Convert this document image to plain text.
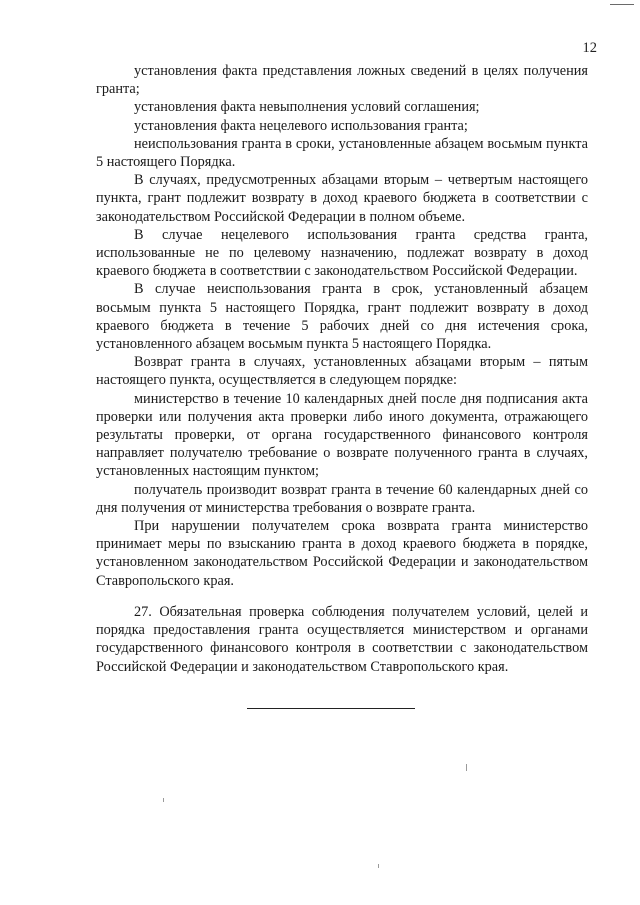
12

установления факта представления ложных сведений в целях получения гранта;

установления факта невыполнения условий соглашения;

установления факта нецелевого использования гранта;

неиспользования гранта в сроки, установленные абзацем восьмым пункта 5 настоящего Порядка.

В случаях, предусмотренных абзацами вторым – четвертым настоящего пункта, грант подлежит возврату в доход краевого бюджета в соответствии с законодательством Российской Федерации в полном объеме.

В случае нецелевого использования гранта средства гранта, использованные не по целевому назначению, подлежат возврату в доход краевого бюджета в соответствии с законодательством Российской Федерации.

В случае неиспользования гранта в срок, установленный абзацем восьмым пункта 5 настоящего Порядка, грант подлежит возврату в доход краевого бюджета в течение 5 рабочих дней со дня истечения срока, установленного абзацем восьмым пункта 5 настоящего Порядка.

Возврат гранта в случаях, установленных абзацами вторым – пятым настоящего пункта, осуществляется в следующем порядке:

министерство в течение 10 календарных дней после дня подписания акта проверки или получения акта проверки либо иного документа, отражающего результаты проверки, от органа государственного финансового контроля направляет получателю требование о возврате полученного гранта в случаях, установленных настоящим пунктом;

получатель производит возврат гранта в течение 60 календарных дней со дня получения от министерства требования о возврате гранта.

При нарушении получателем срока возврата гранта министерство принимает меры по взысканию гранта в доход краевого бюджета в порядке, установленном законодательством Российской Федерации и законодательством Ставропольского края.

27. Обязательная проверка соблюдения получателем условий, целей и порядка предоставления гранта осуществляется министерством и органами государственного финансового контроля в соответствии с законодательством Российской Федерации и законодательством Ставропольского края.
